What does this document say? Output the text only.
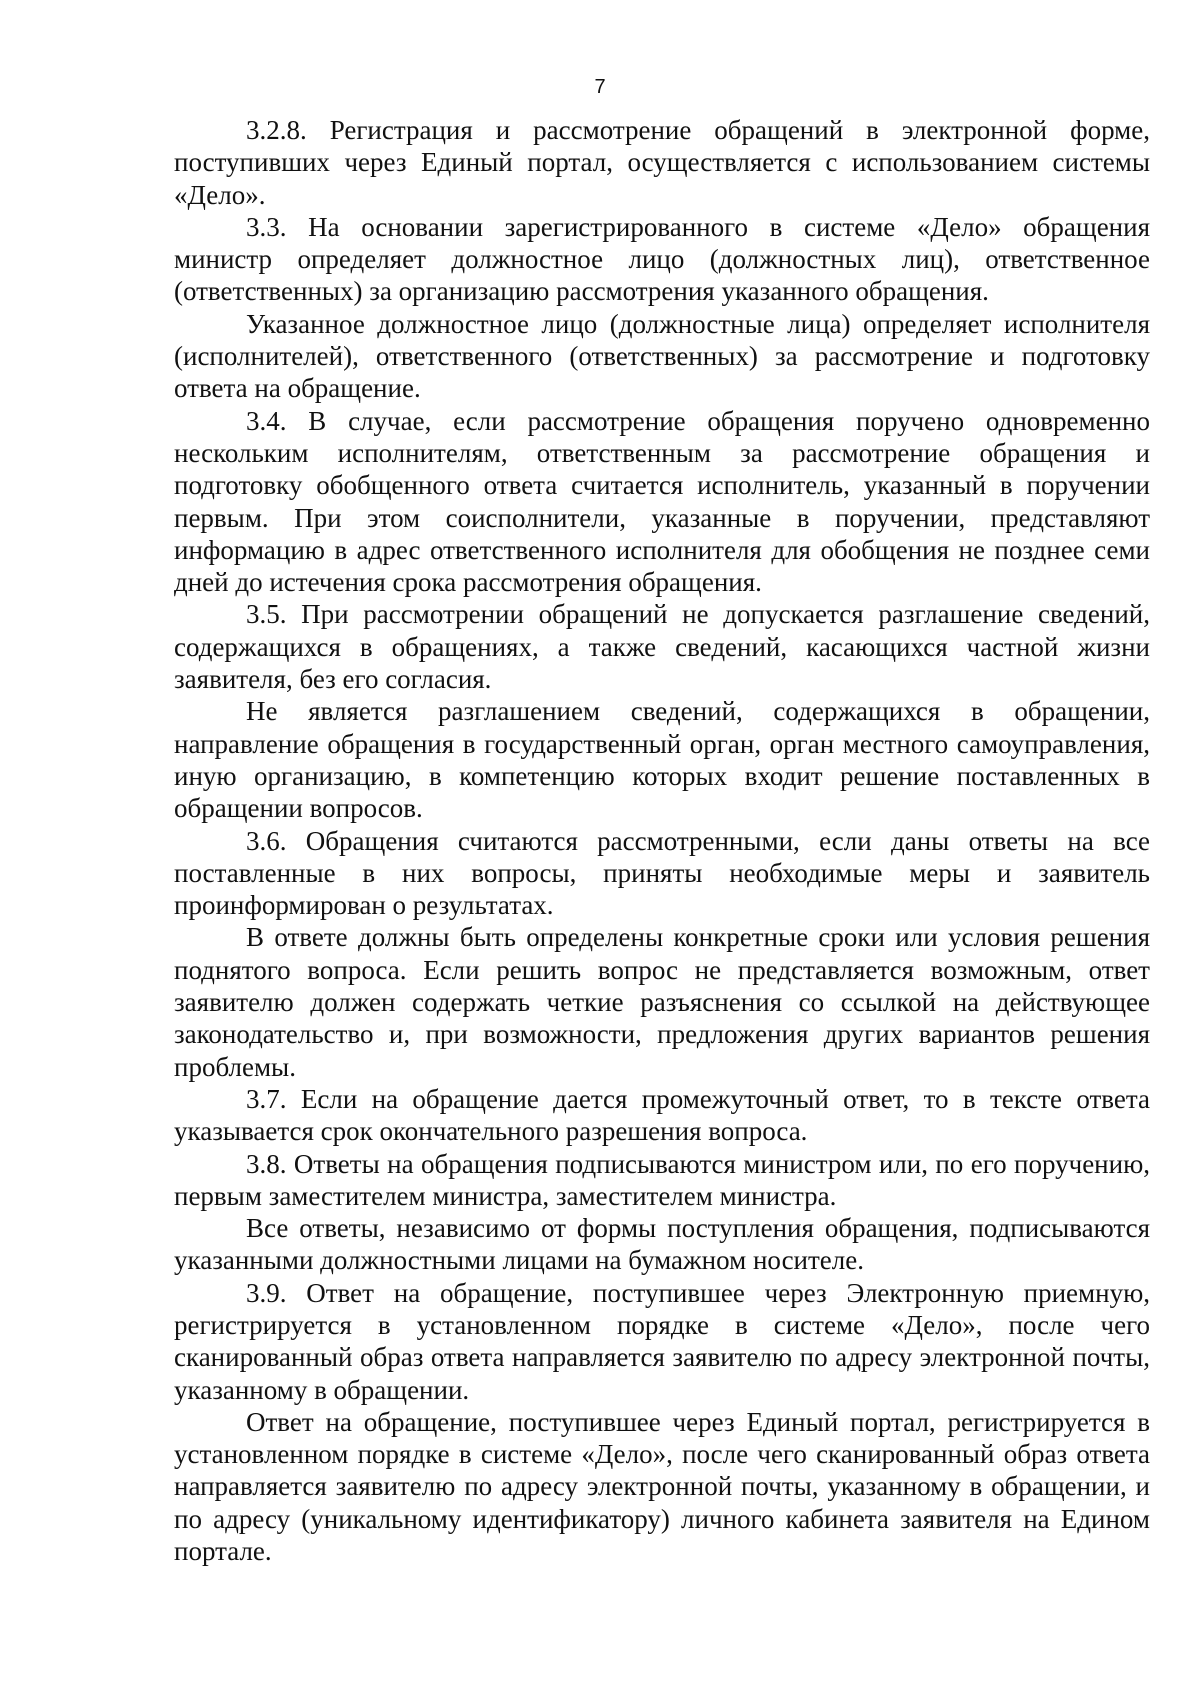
7

3.2.8. Регистрация и рассмотрение обращений в электронной форме, поступивших через Единый портал, осуществляется с использованием системы «Дело».

3.3. На основании зарегистрированного в системе «Дело» обращения министр определяет должностное лицо (должностных лиц), ответственное (ответственных) за организацию рассмотрения указанного обращения.

Указанное должностное лицо (должностные лица) определяет исполнителя (исполнителей), ответственного (ответственных) за рассмотрение и подготовку ответа на обращение.

3.4. В случае, если рассмотрение обращения поручено одновременно нескольким исполнителям, ответственным за рассмотрение обращения и подготовку обобщенного ответа считается исполнитель, указанный в поручении первым. При этом соисполнители, указанные в поручении, представляют информацию в адрес ответственного исполнителя для обобщения не позднее семи дней до истечения срока рассмотрения обращения.

3.5. При рассмотрении обращений не допускается разглашение сведений, содержащихся в обращениях, а также сведений, касающихся частной жизни заявителя, без его согласия.

Не является разглашением сведений, содержащихся в обращении, направление обращения в государственный орган, орган местного самоуправления, иную организацию, в компетенцию которых входит решение поставленных в обращении вопросов.

3.6. Обращения считаются рассмотренными, если даны ответы на все поставленные в них вопросы, приняты необходимые меры и заявитель проинформирован о результатах.

В ответе должны быть определены конкретные сроки или условия решения поднятого вопроса. Если решить вопрос не представляется возможным, ответ заявителю должен содержать четкие разъяснения со ссылкой на действующее законодательство и, при возможности, предложения других вариантов решения проблемы.

3.7. Если на обращение дается промежуточный ответ, то в тексте ответа указывается срок окончательного разрешения вопроса.

3.8. Ответы на обращения подписываются министром или, по его поручению, первым заместителем министра, заместителем министра.

Все ответы, независимо от формы поступления обращения, подписываются указанными должностными лицами на бумажном носителе.

3.9. Ответ на обращение, поступившее через Электронную приемную, регистрируется в установленном порядке в системе «Дело», после чего сканированный образ ответа направляется заявителю по адресу электронной почты, указанному в обращении.

Ответ на обращение, поступившее через Единый портал, регистрируется в установленном порядке в системе «Дело», после чего сканированный образ ответа направляется заявителю по адресу электронной почты, указанному в обращении, и по адресу (уникальному идентификатору) личного кабинета заявителя на Едином портале.
